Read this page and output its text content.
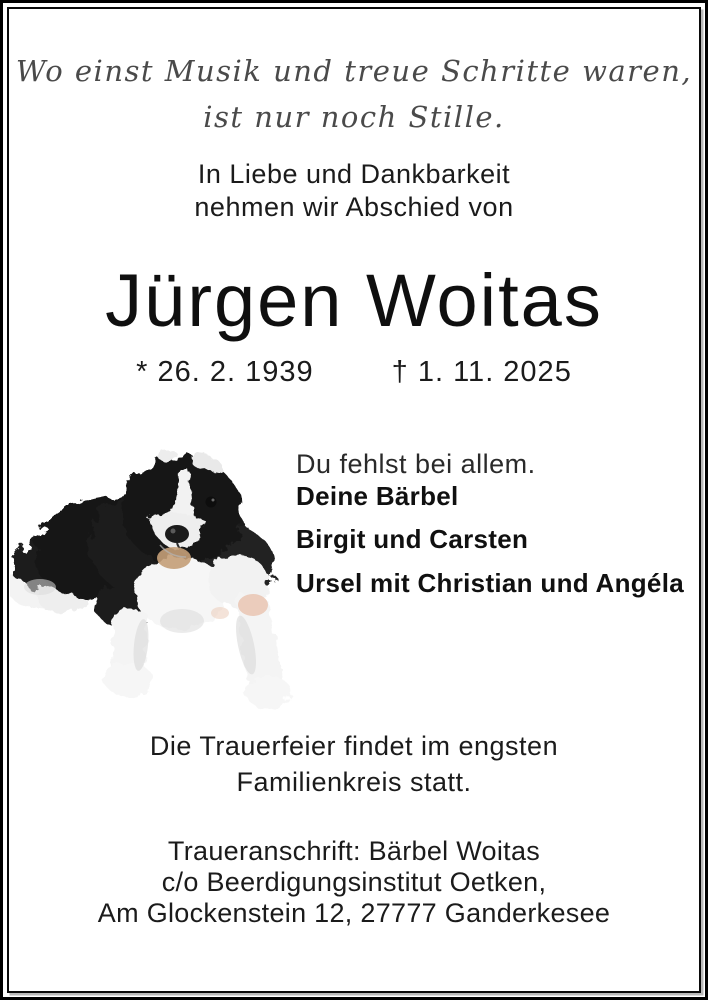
Wo einst Musik und treue Schritte waren,
ist nur noch Stille.
In Liebe und Dankbarkeit
nehmen wir Abschied von
Jürgen Woitas
* 26. 2. 1939	† 1. 11. 2025
Du fehlst bei allem.
Deine Bärbel
Birgit und Carsten
Ursel mit Christian und Angéla
Die Trauerfeier findet im engsten
Familienkreis statt.
Traueranschrift: Bärbel Woitas
c/o Beerdigungsinstitut Oetken,
Am Glockenstein 12, 27777 Ganderkesee
